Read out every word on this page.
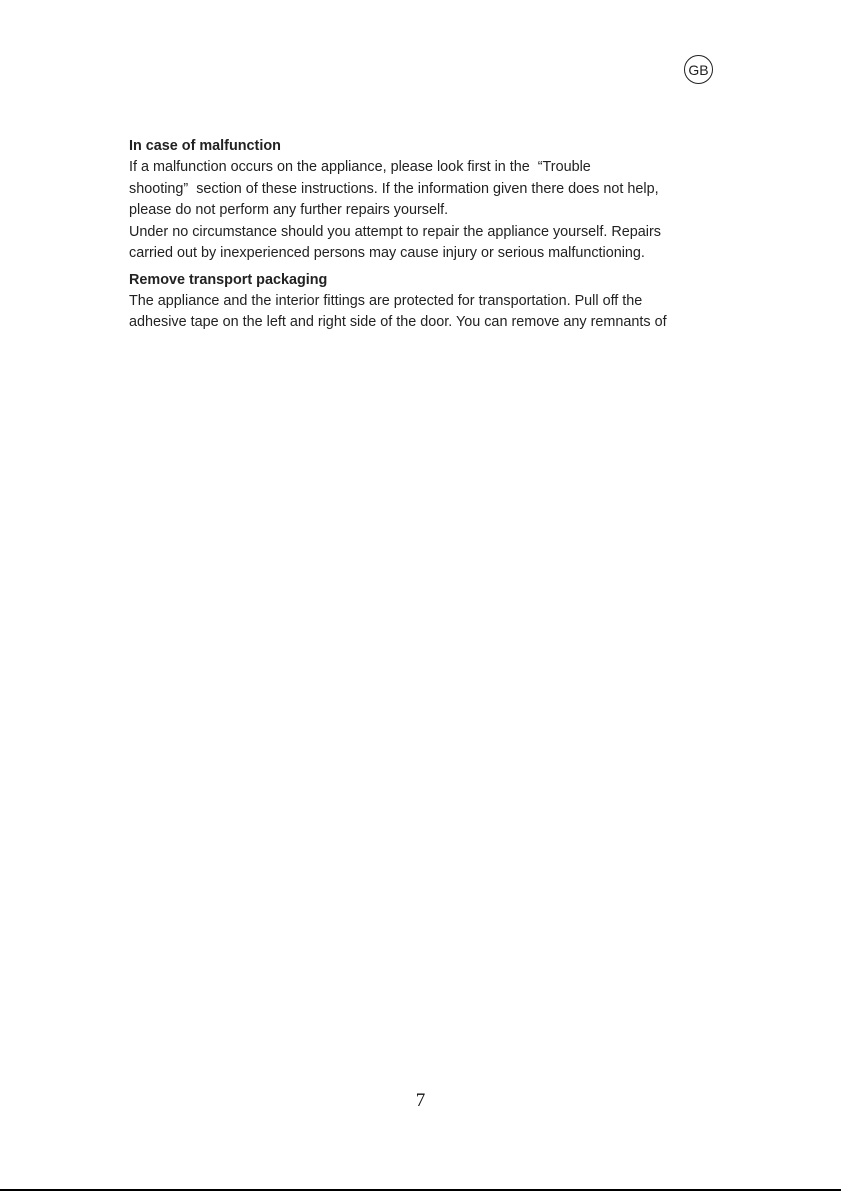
GB
In case of malfunction

If a malfunction occurs on the appliance, please look first in the  “Trouble
shooting”  section of these instructions. If the information given there does not help,
please do not perform any further repairs yourself.
Under no circumstance should you attempt to repair the appliance yourself. Repairs
carried out by inexperienced persons may cause injury or serious malfunctioning.

Remove transport packaging

The appliance and the interior fittings are protected for transportation. Pull off the
adhesive tape on the left and right side of the door. You can remove any remnants of

7
